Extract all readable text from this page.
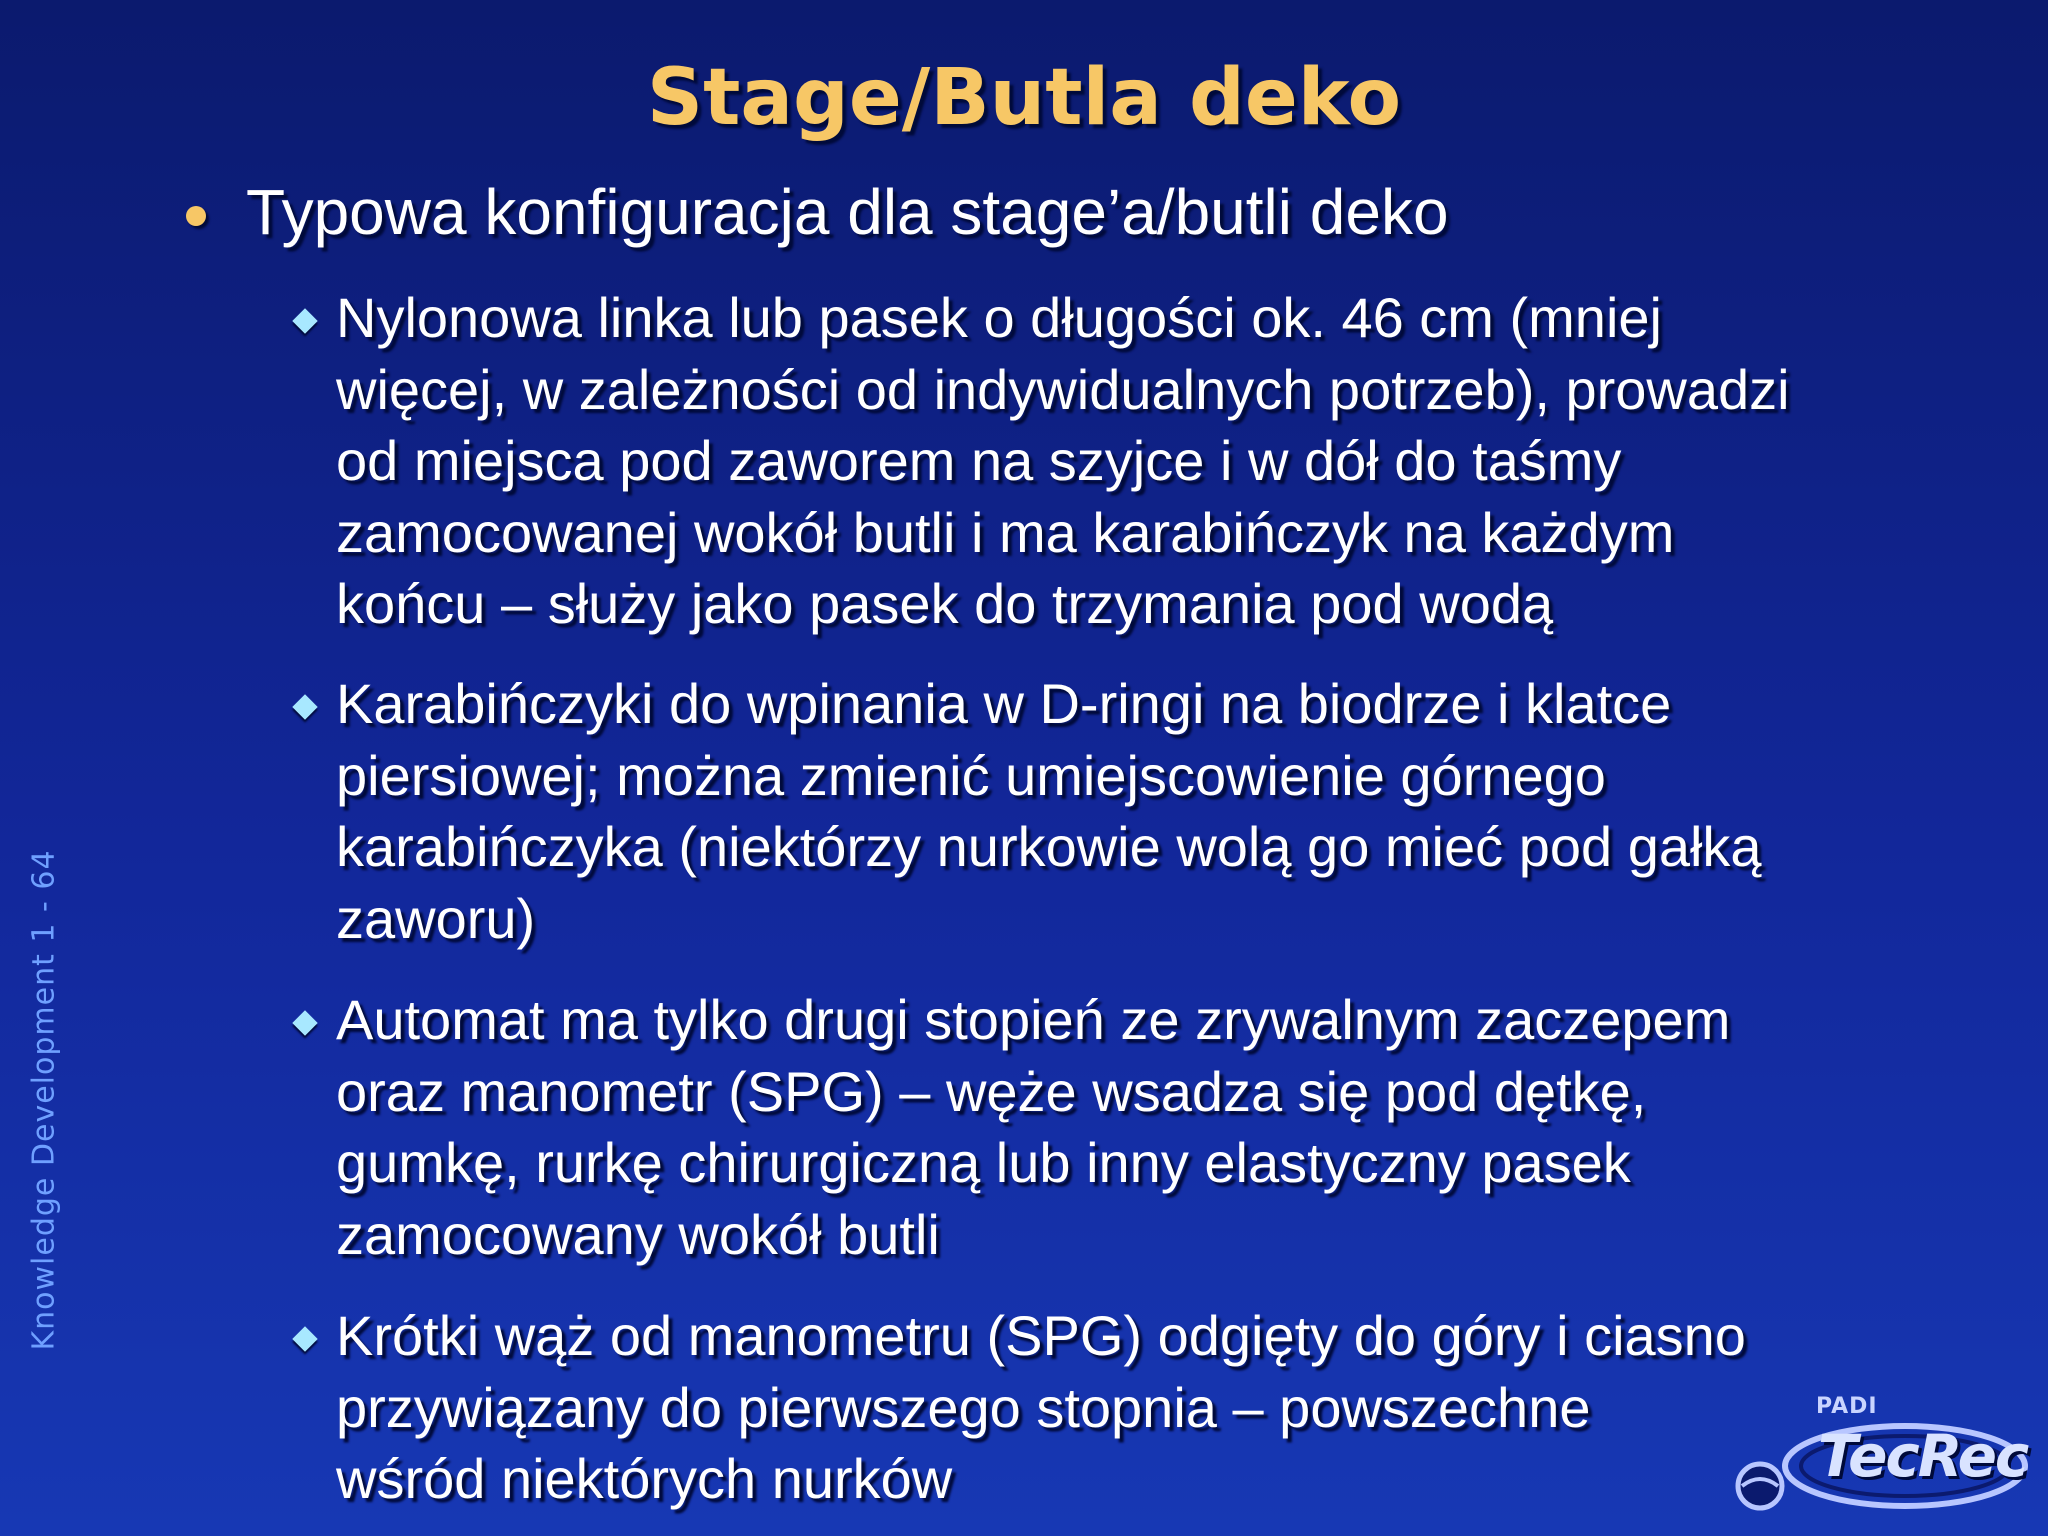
Stage/Butla deko
Typowa konfiguracja dla stage’a/butli deko
Nylonowa linka lub pasek o długości ok. 46 cm (mniej
więcej, w zależności od indywidualnych potrzeb), prowadzi
od miejsca pod zaworem na szyjce i w dół do taśmy
zamocowanej wokół butli i ma karabińczyk na każdym
końcu – służy jako pasek do trzymania pod wodą
Karabińczyki do wpinania w D-ringi na biodrze i klatce
piersiowej; można zmienić umiejscowienie górnego
karabińczyka (niektórzy nurkowie wolą go mieć pod gałką
zaworu)
Automat ma tylko drugi stopień ze zrywalnym zaczepem
oraz manometr (SPG) – węże wsadza się pod dętkę,
gumkę, rurkę chirurgiczną lub inny elastyczny pasek
zamocowany wokół butli
Krótki wąż od manometru (SPG) odgięty do góry i ciasno
przywiązany do pierwszego stopnia – powszechne
wśród niektórych nurków
Knowledge Development 1 - 64
PADI
TecRec
